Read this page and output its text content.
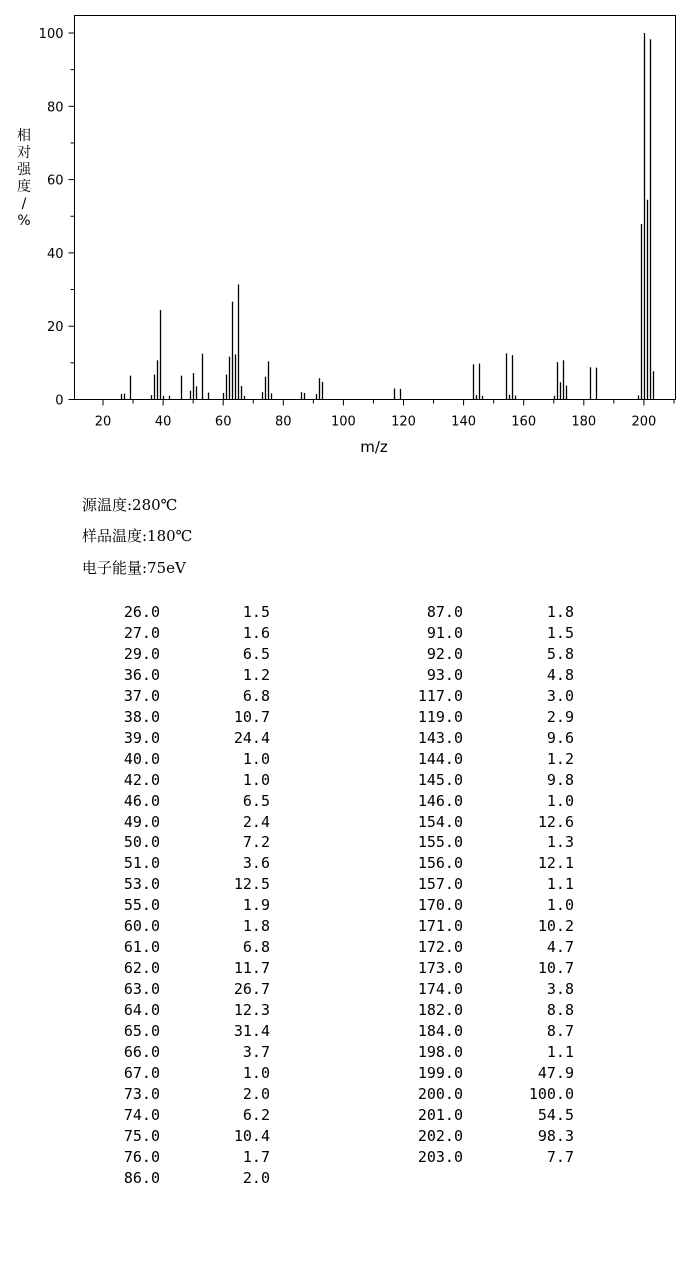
20	40	60	80	100	120	140	160	180	200
0
20
40
60
80
100
m/z
相对强度/ %
源温度:280℃
样品温度:180℃
电子能量:75eV
26.0	1.5
27.0	1.6
29.0	6.5
36.0	1.2
37.0	6.8
38.0	10.7
39.0	24.4
40.0	1.0
42.0	1.0
46.0	6.5
49.0	2.4
50.0	7.2
51.0	3.6
53.0	12.5
55.0	1.9
60.0	1.8
61.0	6.8
62.0	11.7
63.0	26.7
64.0	12.3
65.0	31.4
66.0	3.7
67.0	1.0
73.0	2.0
74.0	6.2
75.0	10.4
76.0	1.7
86.0	2.0
87.0	1.8
91.0	1.5
92.0	5.8
93.0	4.8
117.0	3.0
119.0	2.9
143.0	9.6
144.0	1.2
145.0	9.8
146.0	1.0
154.0	12.6
155.0	1.3
156.0	12.1
157.0	1.1
170.0	1.0
171.0	10.2
172.0	4.7
173.0	10.7
174.0	3.8
182.0	8.8
184.0	8.7
198.0	1.1
199.0	47.9
200.0	100.0
201.0	54.5
202.0	98.3
203.0	7.7
